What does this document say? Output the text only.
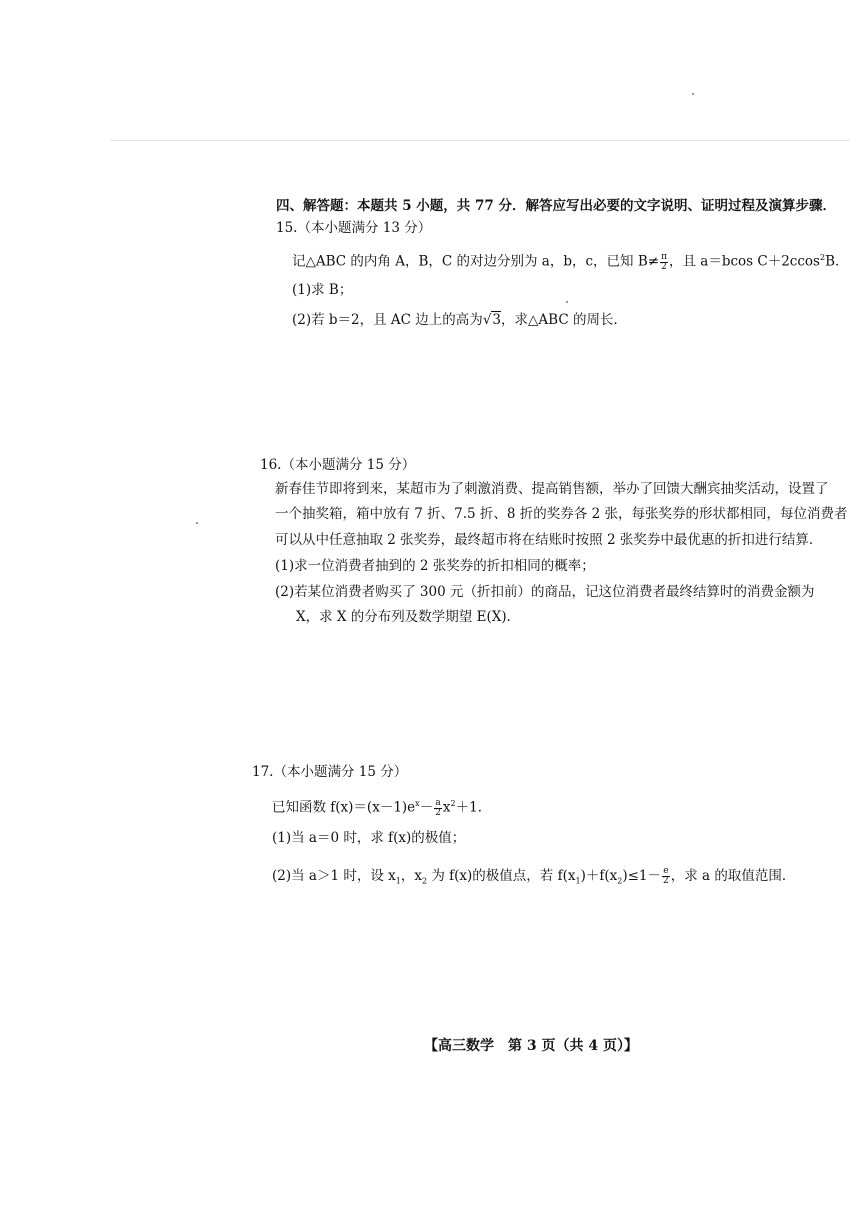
四、解答题：本题共 5 小题，共 77 分．解答应写出必要的文字说明、证明过程及演算步骤．
15.（本小题满分 13 分）
记△ABC 的内角 A，B，C 的对边分别为 a，b，c，已知 $B\ne \frac{\pi}{2}$ ，且 a＝bcos C＋2ccos$^2$B．
(1)求 B；
(2)若 b＝2，且 AC 边上的高为√3，求△ABC 的周长．
16.（本小题满分 15 分）
新春佳节即将到来，某超市为了刺激消费、提高销售额，举办了回馈大酬宾抽奖活动，设置了
一个抽奖箱，箱中放有 7 折、7.5 折、8 折的奖券各 2 张，每张奖券的形状都相同，每位消费者
可以从中任意抽取 2 张奖券，最终超市将在结账时按照 2 张奖券中最优惠的折扣进行结算．
(1)求一位消费者抽到的 2 张奖券的折扣相同的概率；
(2)若某位消费者购买了 300 元（折扣前）的商品，记这位消费者最终结算时的消费金额为
X，求 X 的分布列及数学期望 E(X)．
17.（本小题满分 15 分）
已知函数 $f(x)=(x-1)e^x- \frac{a}{2} x^2+1$．
(1)当 a＝0 时，求 f(x)的极值；
(2)当 a＞1 时，设 $x_1$，$x_2$ 为 f(x)的极值点，若 $f(x_1)+f(x_2)\le 1- \frac{e}{2}$ ，求 a 的取值范围．
【高三数学　第 3 页（共 4 页）】
